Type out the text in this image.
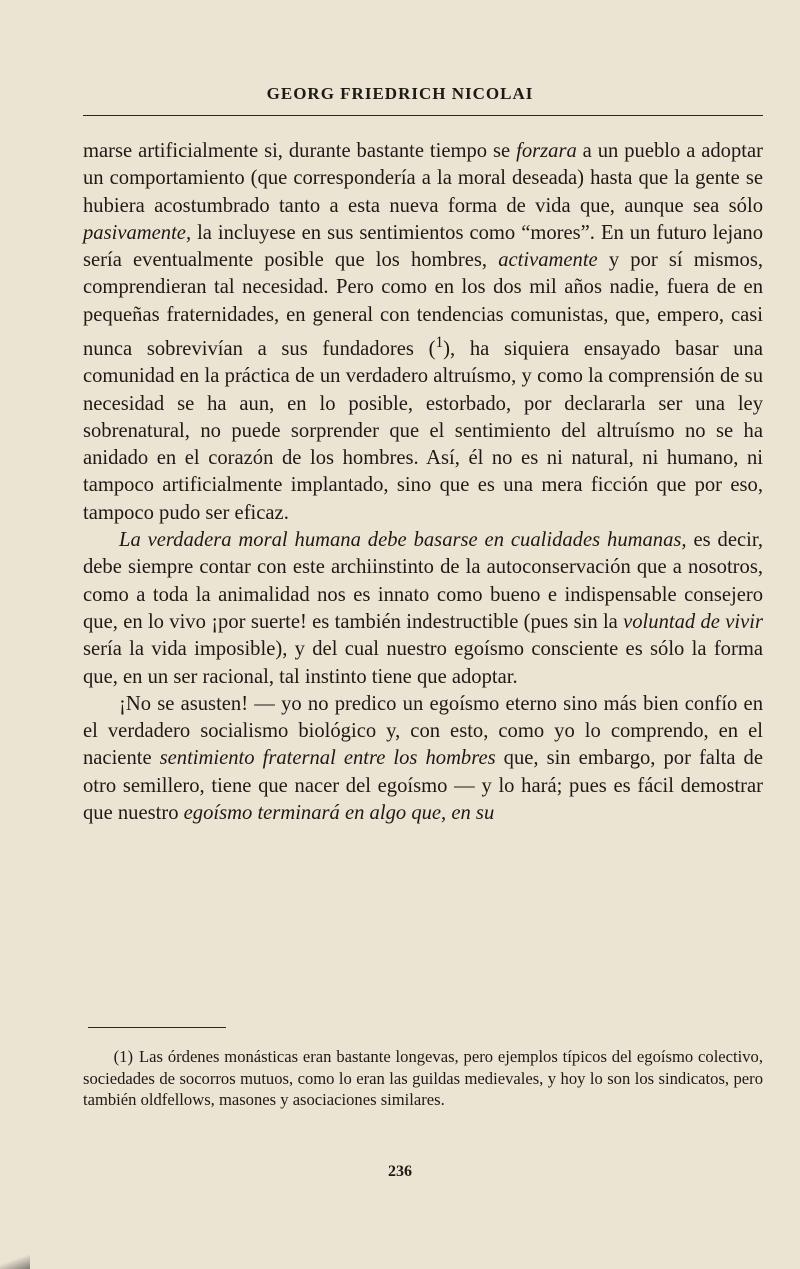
GEORG FRIEDRICH NICOLAI

marse artificialmente si, durante bastante tiempo se forzara a un pueblo a adoptar un comportamiento (que correspondería a la moral deseada) hasta que la gente se hubiera acostumbrado tanto a esta nueva forma de vida que, aunque sea sólo pasivamente, la incluyese en sus sentimientos como “mores”. En un futuro lejano sería eventualmente posible que los hombres, activamente y por sí mismos, comprendieran tal necesidad. Pero como en los dos mil años nadie, fuera de en pequeñas fraternidades, en general con tendencias comunistas, que, empero, casi nunca sobrevivían a sus fundadores ($^1$), ha siquiera ensayado basar una comunidad en la práctica de un verdadero altruísmo, y como la comprensión de su necesidad se ha aun, en lo posible, estorbado, por declararla ser una ley sobrenatural, no puede sorprender que el sentimiento del altruísmo no se ha anidado en el corazón de los hombres. Así, él no es ni natural, ni humano, ni tampoco artificialmente implantado, sino que es una mera ficción que por eso, tampoco pudo ser eficaz.

La verdadera moral humana debe basarse en cualidades humanas, es decir, debe siempre contar con este archiinstinto de la autoconservación que a nosotros, como a toda la animalidad nos es innato como bueno e indispensable consejero que, en lo vivo ¡por suerte! es también indestructible (pues sin la voluntad de vivir sería la vida imposible), y del cual nuestro egoísmo consciente es sólo la forma que, en un ser racional, tal instinto tiene que adoptar.

¡No se asusten! — yo no predico un egoísmo eterno sino más bien confío en el verdadero socialismo biológico y, con esto, como yo lo comprendo, en el naciente sentimiento fraternal entre los hombres que, sin embargo, por falta de otro semillero, tiene que nacer del egoísmo — y lo hará; pues es fácil demostrar que nuestro egoísmo terminará en algo que, en su

(1) Las órdenes monásticas eran bastante longevas, pero ejemplos típicos del egoísmo colectivo, sociedades de socorros mutuos, como lo eran las guildas medievales, y hoy lo son los sindicatos, pero también oldfellows, masones y asociaciones similares.
236
